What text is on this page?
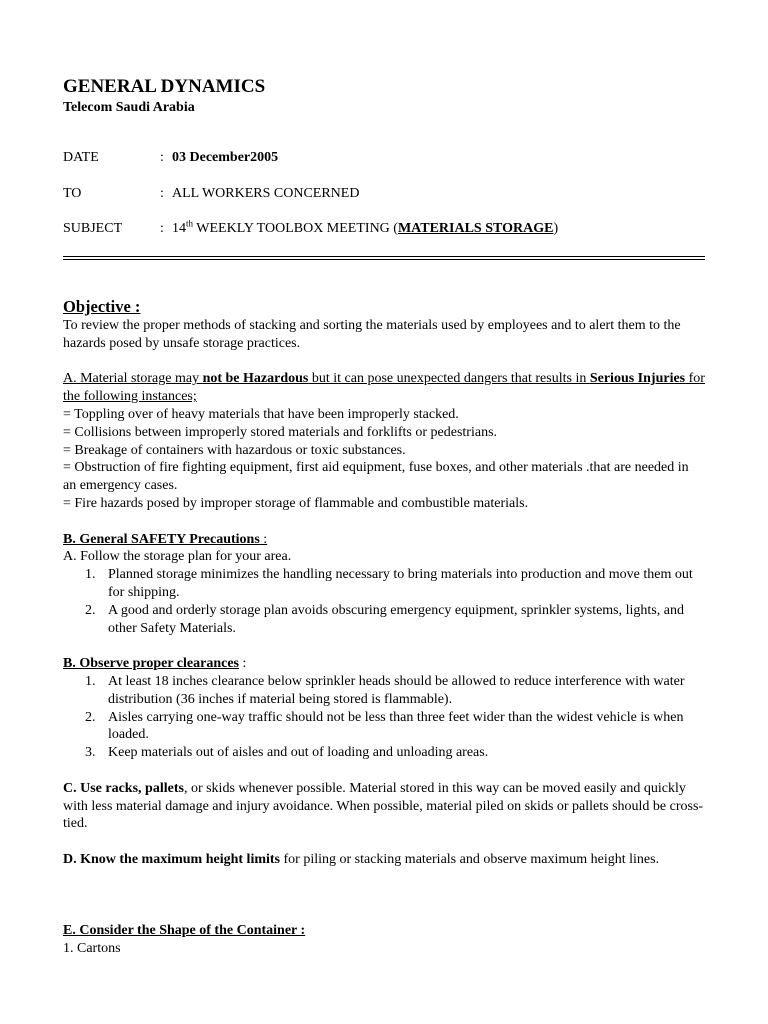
GENERAL DYNAMICS
Telecom Saudi Arabia
DATE	: 03 December2005
TO	: ALL WORKERS CONCERNED
SUBJECT	: 14th WEEKLY TOOLBOX MEETING (MATERIALS STORAGE)
Objective :

To review the proper methods of stacking and sorting the materials used by employees and to alert them to the hazards posed by unsafe storage practices.

A. Material storage may not be Hazardous but it can pose unexpected dangers that results in Serious Injuries for the following instances;

= Toppling over of heavy materials that have been improperly stacked.

= Collisions between improperly stored materials and forklifts or pedestrians.

= Breakage of containers with hazardous or toxic substances.

= Obstruction of fire fighting equipment, first aid equipment, fuse boxes, and other materials .that are needed in an emergency cases.

= Fire hazards posed by improper storage of flammable and combustible materials.

B. General SAFETY Precautions :

A. Follow the storage plan for your area.

1. Planned storage minimizes the handling necessary to bring materials into production and move them out for shipping.
2. A good and orderly storage plan avoids obscuring emergency equipment, sprinkler systems, lights, and other Safety Materials.

B. Observe proper clearances :

1. At least 18 inches clearance below sprinkler heads should be allowed to reduce interference with water distribution (36 inches if material being stored is flammable).
2. Aisles carrying one-way traffic should not be less than three feet wider than the widest vehicle is when loaded.
3. Keep materials out of aisles and out of loading and unloading areas.

C. Use racks, pallets, or skids whenever possible. Material stored in this way can be moved easily and quickly with less material damage and injury avoidance. When possible, material piled on skids or pallets should be cross-tied.

D. Know the maximum height limits for piling or stacking materials and observe maximum height lines.

E. Consider the Shape of the Container :

1. Cartons
